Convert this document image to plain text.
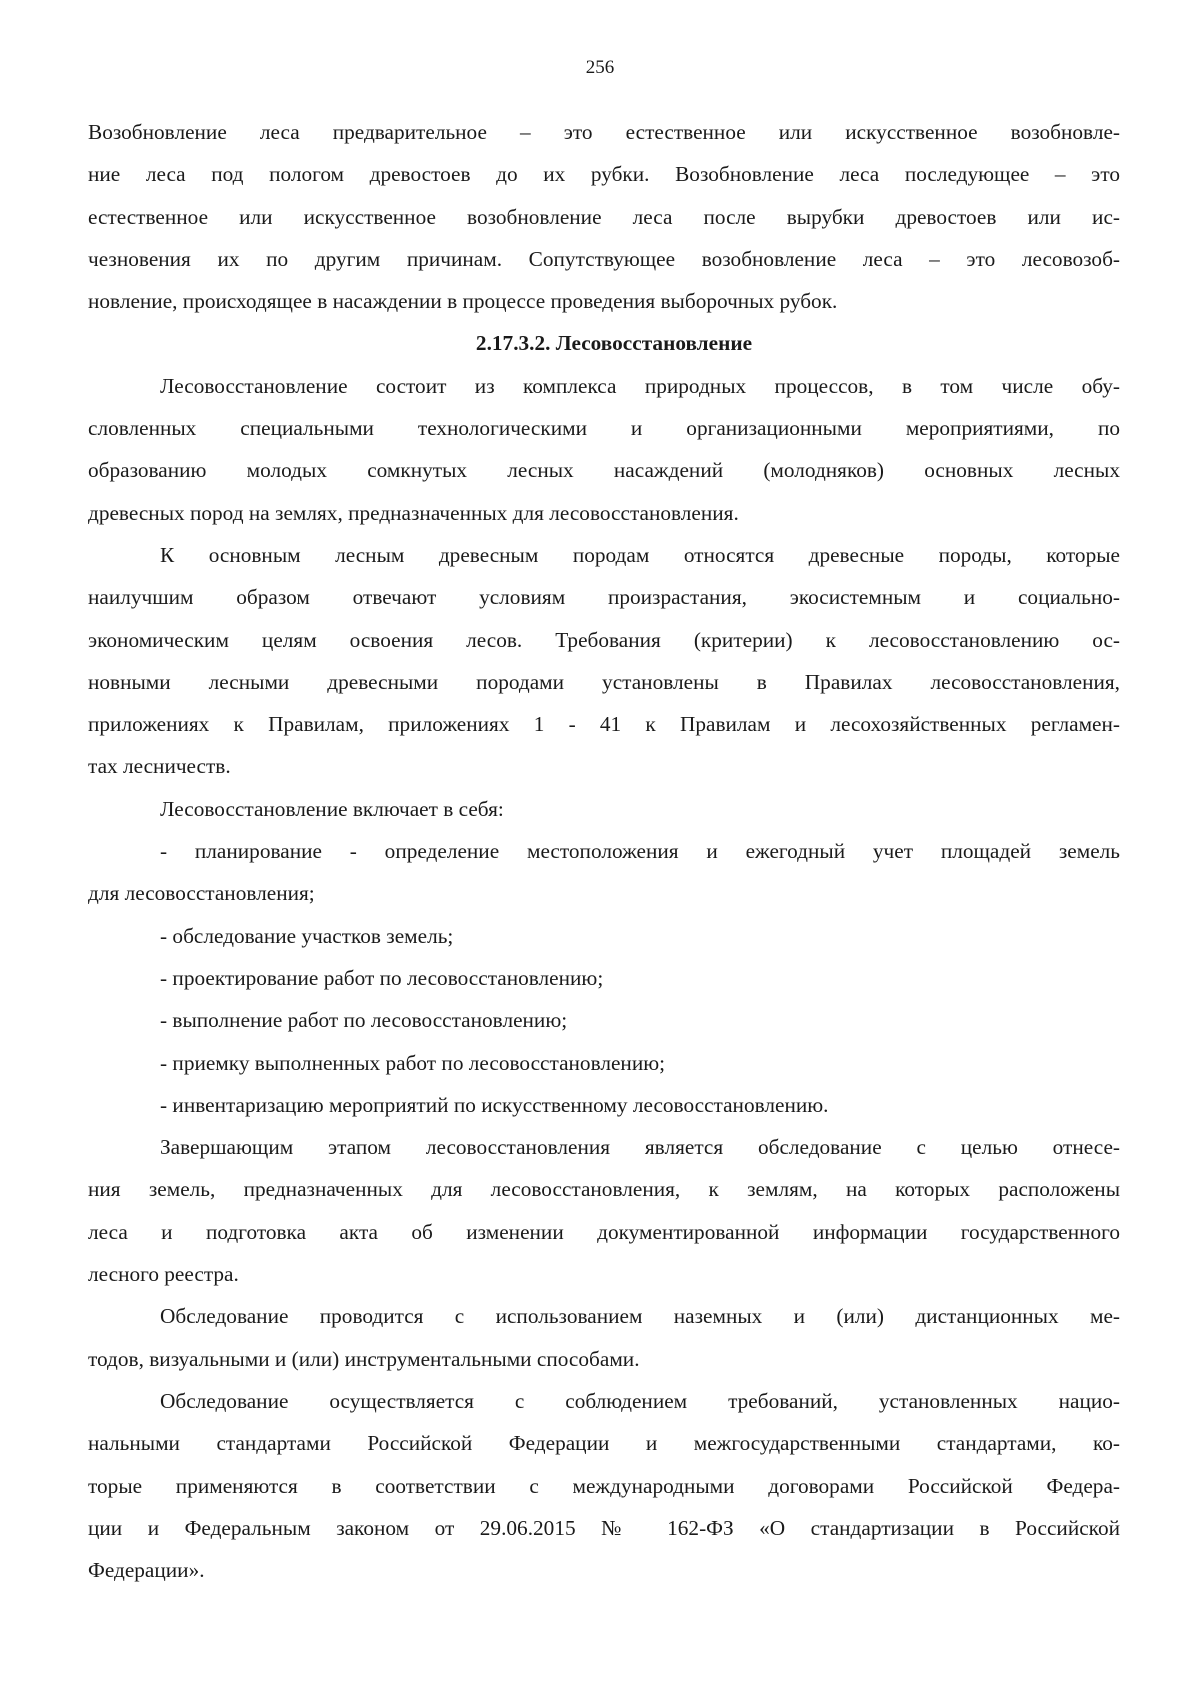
256

Возобновление леса предварительное – это естественное или искусственное возобновле-
ние леса под пологом древостоев до их рубки. Возобновление леса последующее – это
естественное или искусственное возобновление леса после вырубки древостоев или ис-
чезновения их по другим причинам. Сопутствующее возобновление леса – это лесовозоб-
новление, происходящее в насаждении в процессе проведения выборочных рубок.

2.17.3.2. Лесовосстановление

Лесовосстановление состоит из комплекса природных процессов, в том числе обу-
словленных специальными технологическими и организационными мероприятиями, по
образованию молодых сомкнутых лесных насаждений (молодняков) основных лесных
древесных пород на землях, предназначенных для лесовосстановления.

К основным лесным древесным породам относятся древесные породы, которые
наилучшим образом отвечают условиям произрастания, экосистемным и социально-
экономическим целям освоения лесов. Требования (критерии) к лесовосстановлению ос-
новными лесными древесными породами установлены в Правилах лесовосстановления,
приложениях к Правилам, приложениях 1 - 41 к Правилам и лесохозяйственных регламен-
тах лесничеств.

Лесовосстановление включает в себя:

- планирование - определение местоположения и ежегодный учет площадей земель
для лесовосстановления;

- обследование участков земель;

- проектирование работ по лесовосстановлению;

- выполнение работ по лесовосстановлению;

- приемку выполненных работ по лесовосстановлению;

- инвентаризацию мероприятий по искусственному лесовосстановлению.

Завершающим этапом лесовосстановления является обследование с целью отнесе-
ния земель, предназначенных для лесовосстановления, к землям, на которых расположены
леса и подготовка акта об изменении документированной информации государственного
лесного реестра.

Обследование проводится с использованием наземных и (или) дистанционных ме-
тодов, визуальными и (или) инструментальными способами.

Обследование осуществляется с соблюдением требований, установленных нацио-
нальными стандартами Российской Федерации и межгосударственными стандартами, ко-
торые применяются в соответствии с международными договорами Российской Федера-
ции и Федеральным законом от 29.06.2015 № 162-ФЗ «О стандартизации в Российской
Федерации».
